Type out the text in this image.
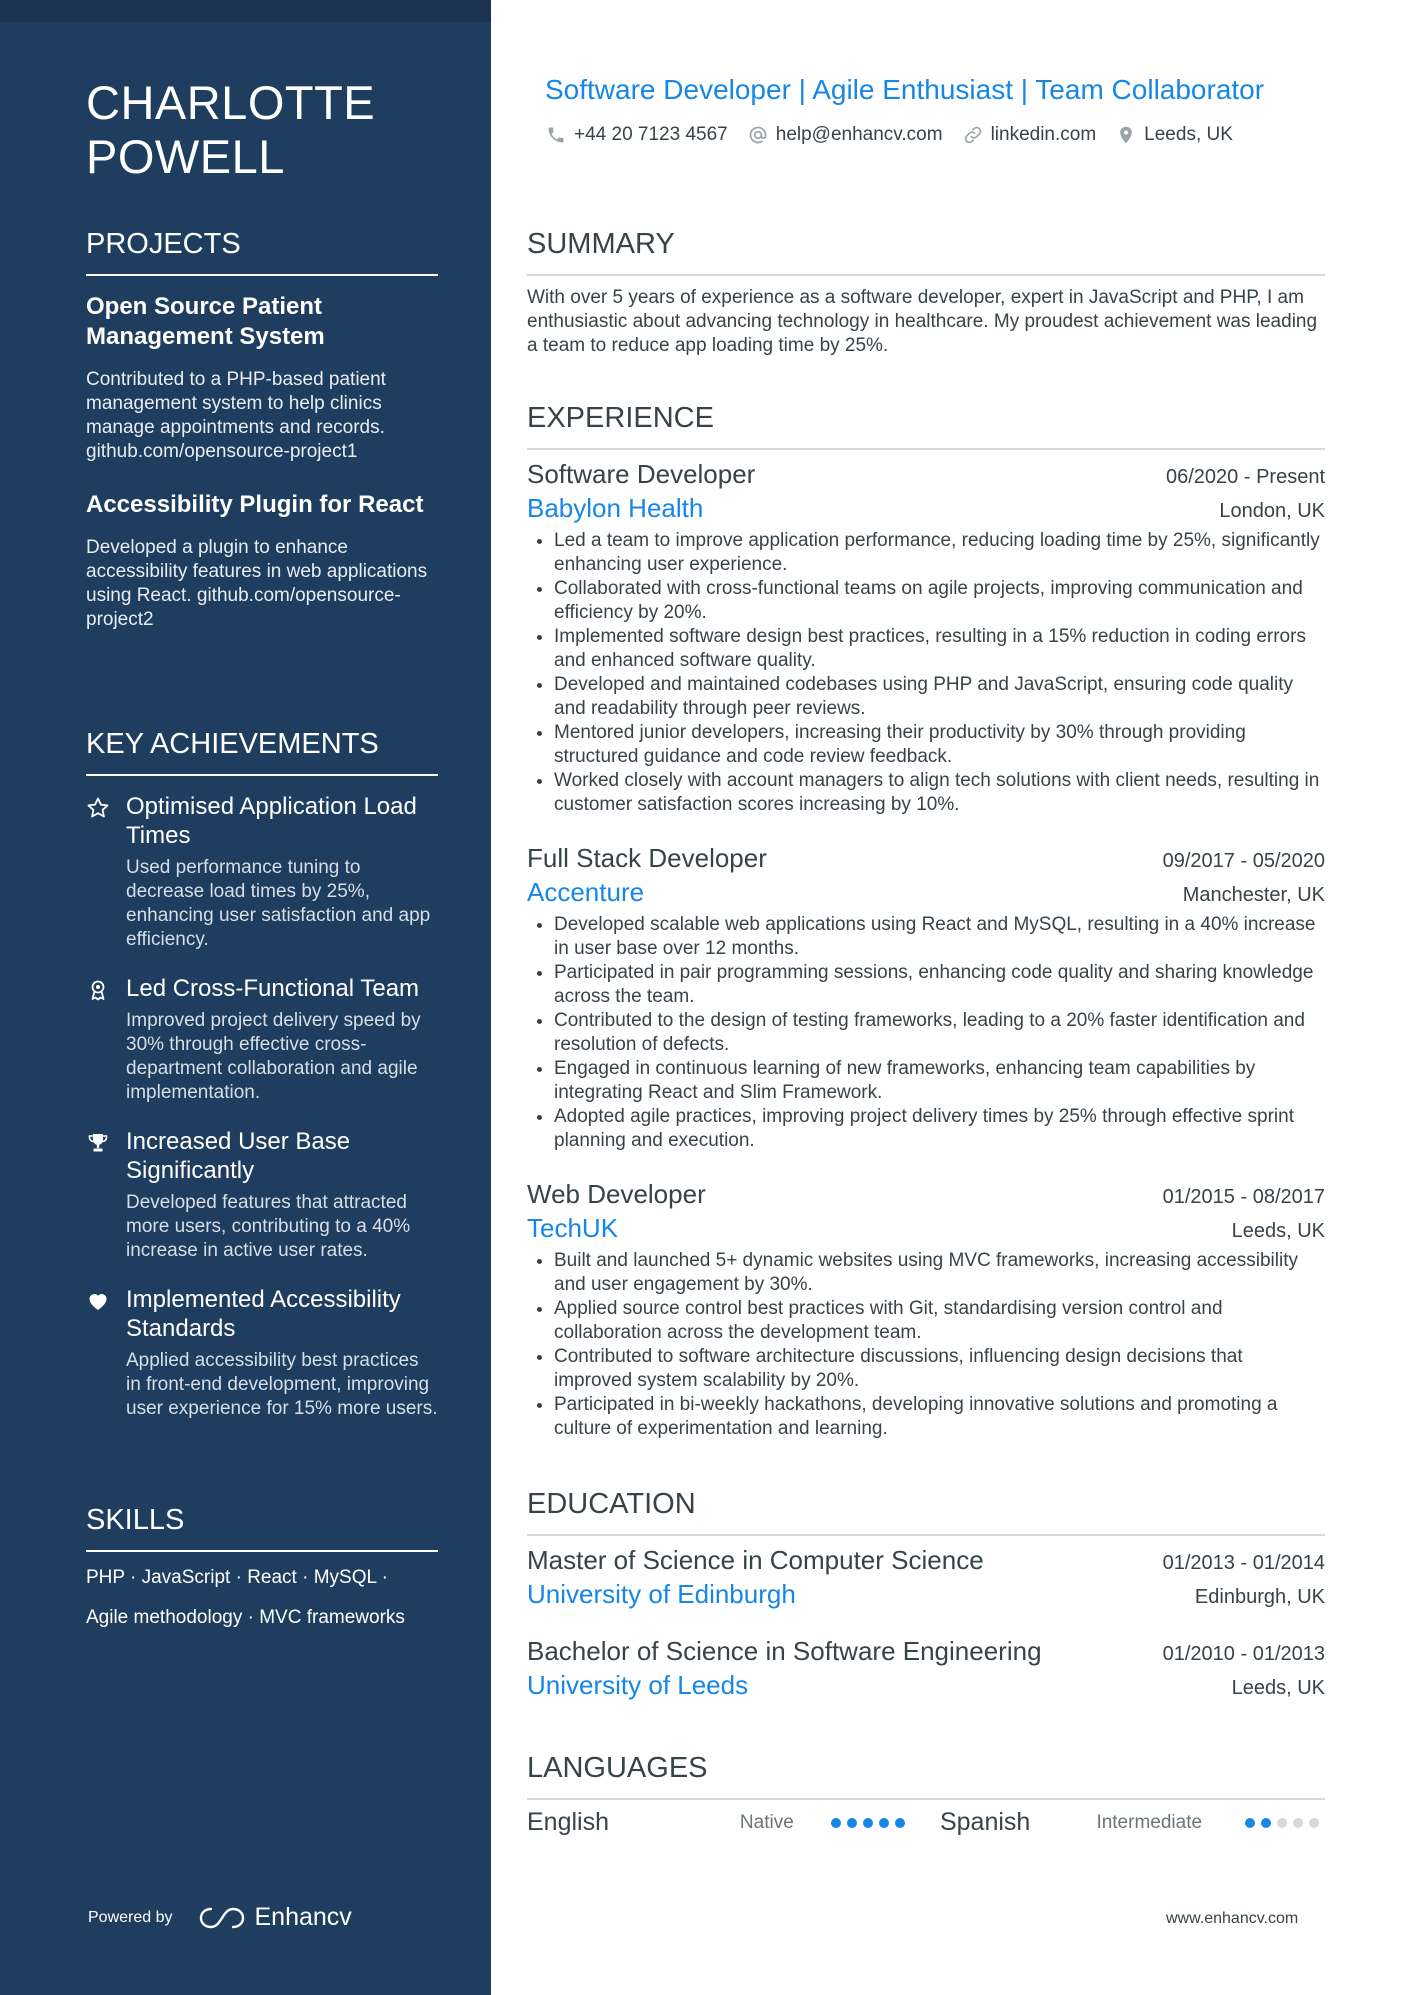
CHARLOTTE POWELL
PROJECTS
Open Source Patient Management System
Contributed to a PHP-based patient management system to help clinics manage appointments and records. github.com/opensource-project1
Accessibility Plugin for React
Developed a plugin to enhance accessibility features in web applications using React. github.com/opensource-project2
KEY ACHIEVEMENTS
Optimised Application Load Times
Used performance tuning to decrease load times by 25%, enhancing user satisfaction and app efficiency.
Led Cross-Functional Team
Improved project delivery speed by 30% through effective cross-department collaboration and agile implementation.
Increased User Base Significantly
Developed features that attracted more users, contributing to a 40% increase in active user rates.
Implemented Accessibility Standards
Applied accessibility best practices in front-end development, improving user experience for 15% more users.
SKILLS
PHP · JavaScript · React · MySQL ·
Agile methodology · MVC frameworks
Powered by	Enhancv
Software Developer | Agile Enthusiast | Team Collaborator
+44 20 7123 4567	help@enhancv.com	linkedin.com	Leeds, UK
SUMMARY
With over 5 years of experience as a software developer, expert in JavaScript and PHP, I am enthusiastic about advancing technology in healthcare. My proudest achievement was leading a team to reduce app loading time by 25%.
EXPERIENCE
Software Developer	06/2020 - Present
Babylon Health	London, UK
• Led a team to improve application performance, reducing loading time by 25%, significantly enhancing user experience.
• Collaborated with cross-functional teams on agile projects, improving communication and efficiency by 20%.
• Implemented software design best practices, resulting in a 15% reduction in coding errors and enhanced software quality.
• Developed and maintained codebases using PHP and JavaScript, ensuring code quality and readability through peer reviews.
• Mentored junior developers, increasing their productivity by 30% through providing structured guidance and code review feedback.
• Worked closely with account managers to align tech solutions with client needs, resulting in customer satisfaction scores increasing by 10%.
Full Stack Developer	09/2017 - 05/2020
Accenture	Manchester, UK
• Developed scalable web applications using React and MySQL, resulting in a 40% increase in user base over 12 months.
• Participated in pair programming sessions, enhancing code quality and sharing knowledge across the team.
• Contributed to the design of testing frameworks, leading to a 20% faster identification and resolution of defects.
• Engaged in continuous learning of new frameworks, enhancing team capabilities by integrating React and Slim Framework.
• Adopted agile practices, improving project delivery times by 25% through effective sprint planning and execution.
Web Developer	01/2015 - 08/2017
TechUK	Leeds, UK
• Built and launched 5+ dynamic websites using MVC frameworks, increasing accessibility and user engagement by 30%.
• Applied source control best practices with Git, standardising version control and collaboration across the development team.
• Contributed to software architecture discussions, influencing design decisions that improved system scalability by 20%.
• Participated in bi-weekly hackathons, developing innovative solutions and promoting a culture of experimentation and learning.
EDUCATION
Master of Science in Computer Science	01/2013 - 01/2014
University of Edinburgh	Edinburgh, UK
Bachelor of Science in Software Engineering	01/2010 - 01/2013
University of Leeds	Leeds, UK
LANGUAGES
English	Native	Spanish	Intermediate
www.enhancv.com
